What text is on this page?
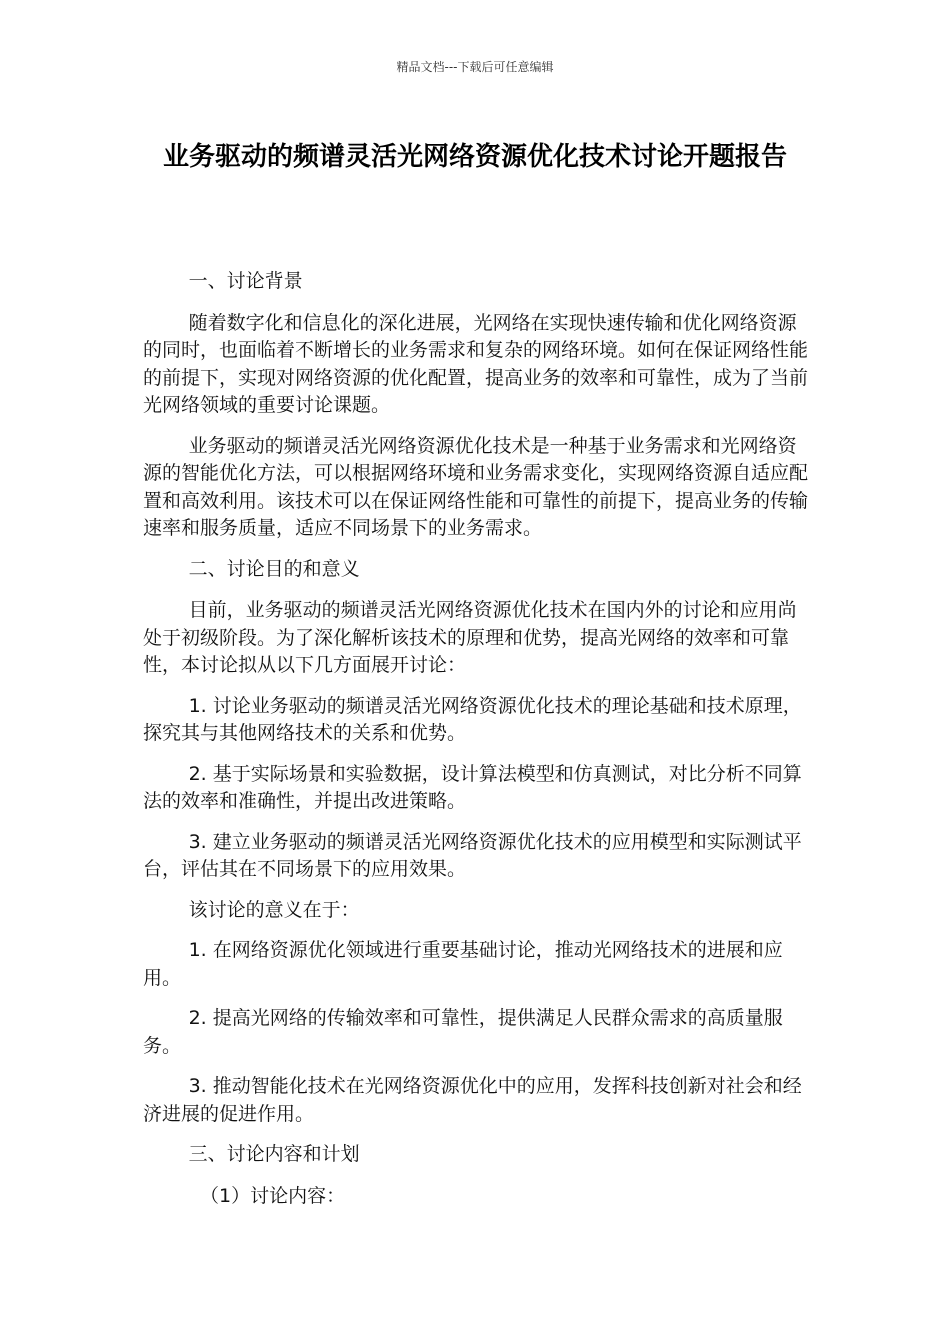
精品文档---下载后可任意编辑
业务驱动的频谱灵活光网络资源优化技术讨论开题报告

一、讨论背景

随着数字化和信息化的深化进展，光网络在实现快速传输和优化网络资源的同时，也面临着不断增长的业务需求和复杂的网络环境。如何在保证网络性能的前提下，实现对网络资源的优化配置，提高业务的效率和可靠性，成为了当前光网络领域的重要讨论课题。

业务驱动的频谱灵活光网络资源优化技术是一种基于业务需求和光网络资源的智能优化方法，可以根据网络环境和业务需求变化，实现网络资源自适应配置和高效利用。该技术可以在保证网络性能和可靠性的前提下，提高业务的传输速率和服务质量，适应不同场景下的业务需求。

二、讨论目的和意义

目前，业务驱动的频谱灵活光网络资源优化技术在国内外的讨论和应用尚处于初级阶段。为了深化解析该技术的原理和优势，提高光网络的效率和可靠性，本讨论拟从以下几方面展开讨论：

1. 讨论业务驱动的频谱灵活光网络资源优化技术的理论基础和技术原理，探究其与其他网络技术的关系和优势。

2. 基于实际场景和实验数据，设计算法模型和仿真测试，对比分析不同算法的效率和准确性，并提出改进策略。

3. 建立业务驱动的频谱灵活光网络资源优化技术的应用模型和实际测试平台，评估其在不同场景下的应用效果。

该讨论的意义在于：

1. 在网络资源优化领域进行重要基础讨论，推动光网络技术的进展和应用。

2. 提高光网络的传输效率和可靠性，提供满足人民群众需求的高质量服务。

3. 推动智能化技术在光网络资源优化中的应用，发挥科技创新对社会和经济进展的促进作用。

三、讨论内容和计划

（1）讨论内容：
